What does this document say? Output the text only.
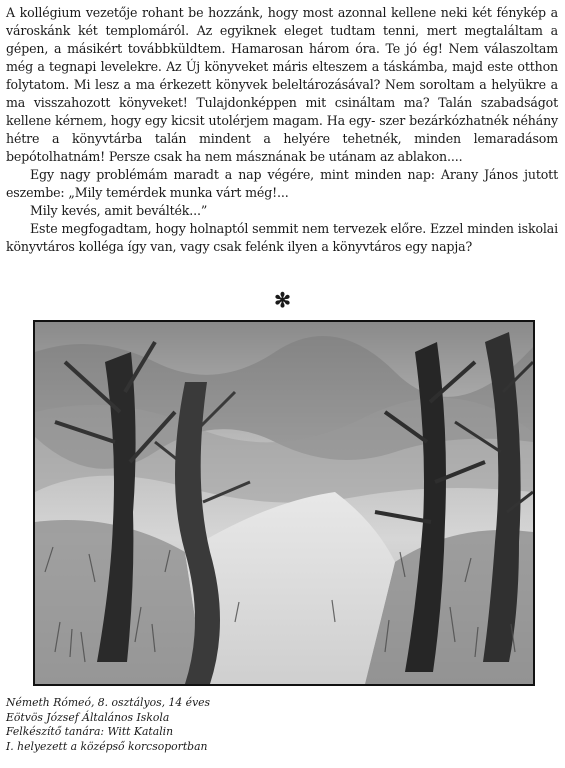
A kollégium vezetője rohant be hozzánk, hogy most azonnal kellene neki két fénykép a városkánk két templomáról. Az egyiknek eleget tudtam tenni, mert megtaláltam a gépen, a másikért továbbküldtem. Hamarosan három óra. Te jó ég! Nem válaszoltam még a tegnapi levelekre. Az Új könyveket máris elteszem a táskámba, majd este otthon folytatom. Mi lesz a ma érkezett könyvek beleltározásával? Nem soroltam a helyükre a ma visszahozott könyveket! Tulajdonképpen mit csináltam ma? Talán szabadságot kellene kérnem, hogy egy kicsit utolérjem magam. Ha egy- szer bezárkózhatnék néhány hétre a könyvtárba talán mindent a helyére tehetnék, minden lemaradásom bepótolhatnám! Persze csak ha nem másznának be utánam az ablakon....

Egy nagy problémám maradt a nap végére, mint minden nap: Arany János jutott eszembe: „Mily temérdek munka várt még!...

Mily kevés, amit beválték...”

Este megfogadtam, hogy holnaptól semmit nem tervezek előre. Ezzel minden iskolai könyvtáros kolléga így van, vagy csak felénk ilyen a könyvtáros egy napja?

✻
Németh Rómeó, 8. osztályos, 14 éves
Eötvös József Általános Iskola
Felkészítő tanára: Witt Katalin
I. helyezett a középső korcsoportban
